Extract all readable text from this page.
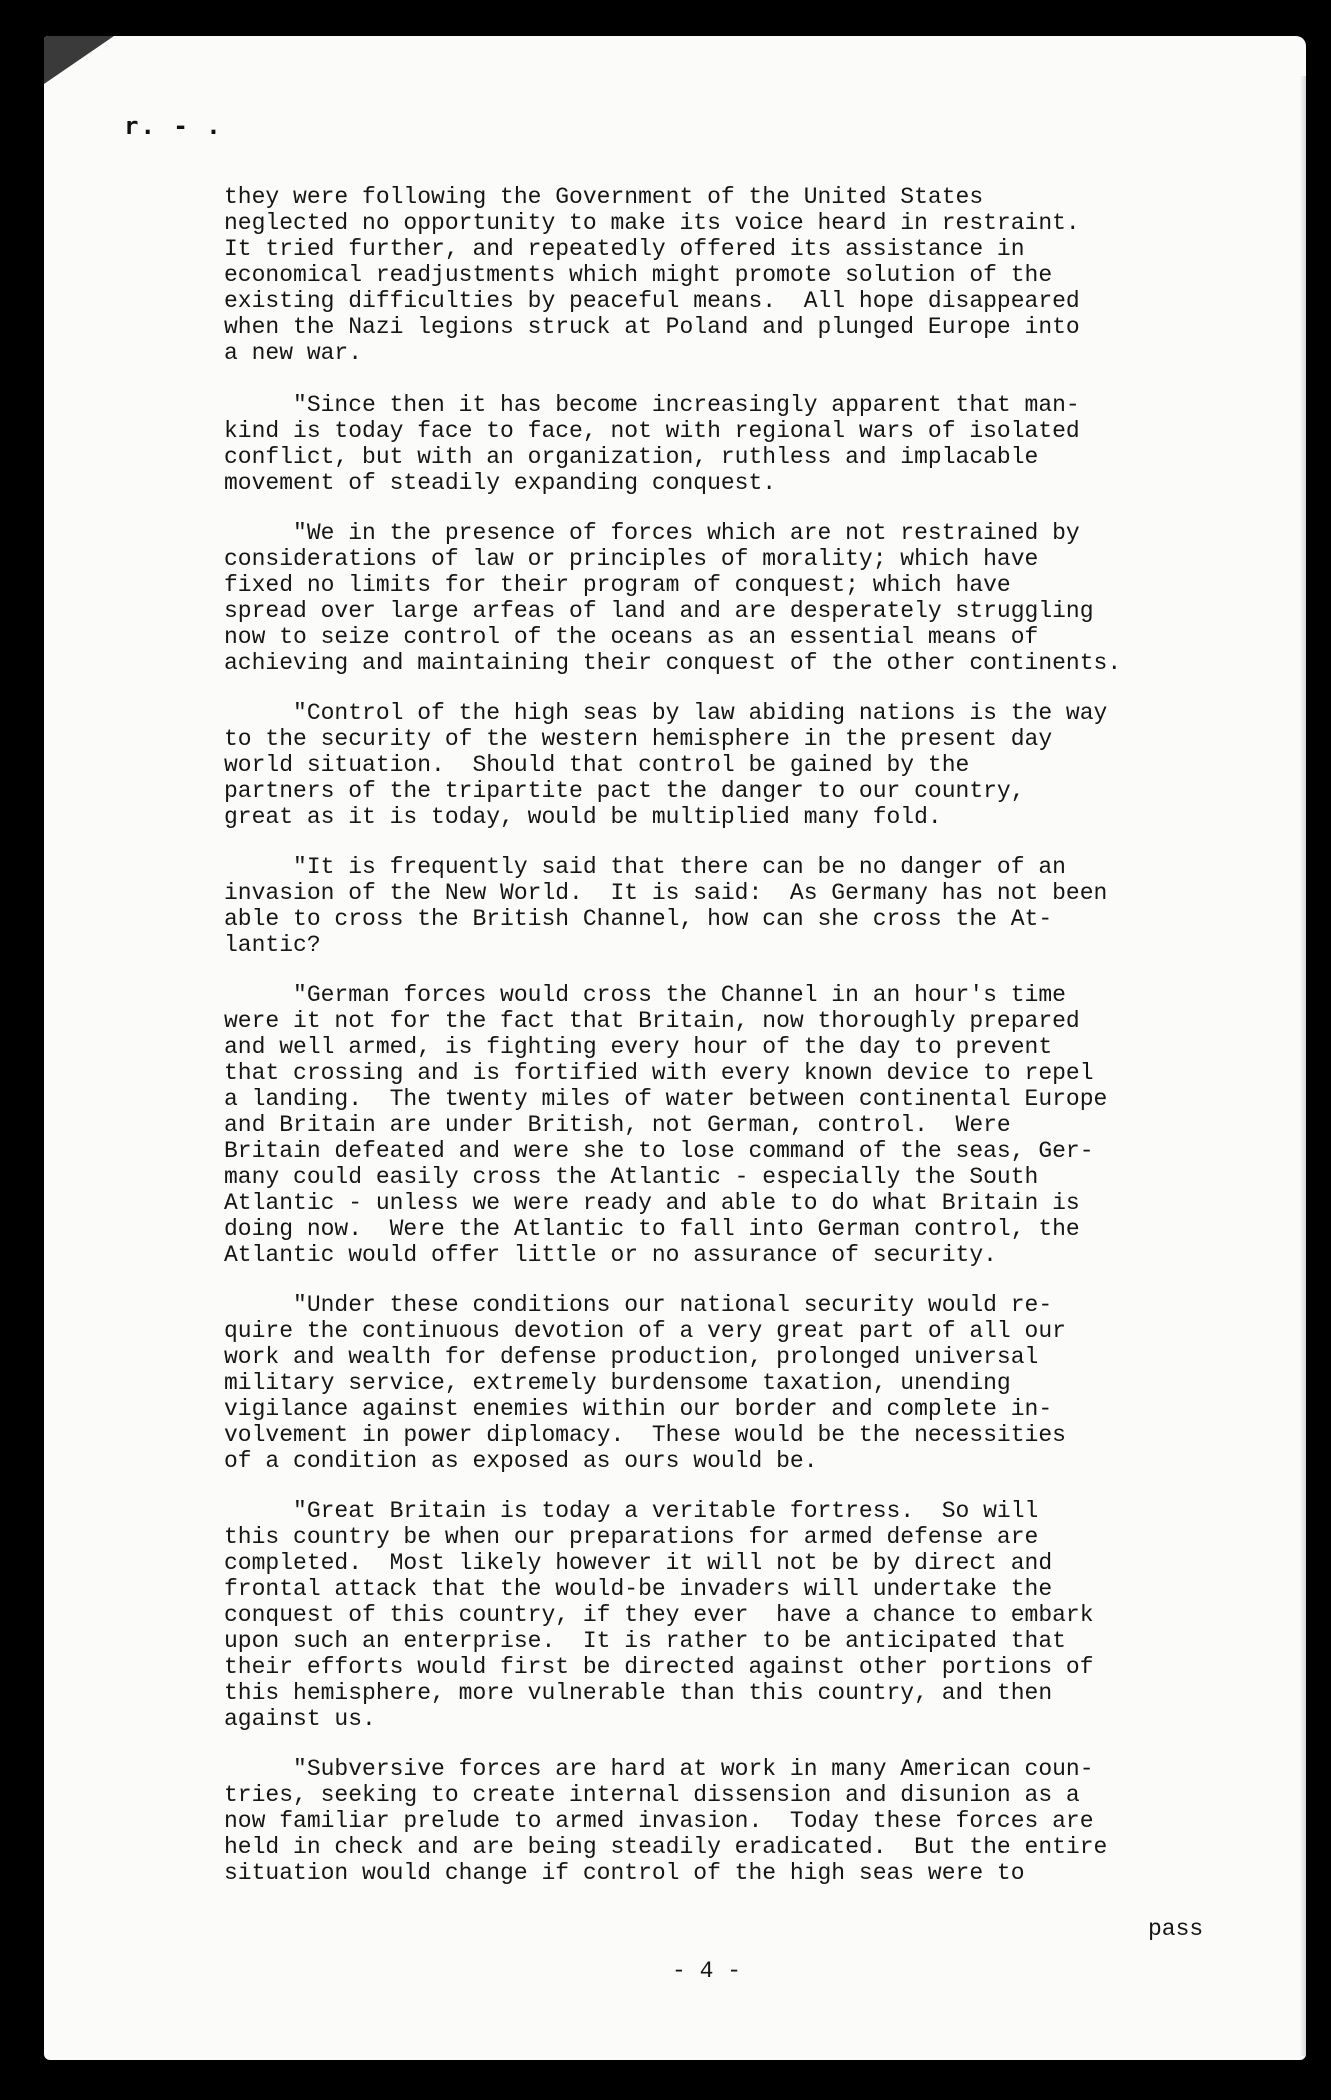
r. - .

they were following the Government of the United States
neglected no opportunity to make its voice heard in restraint.
It tried further, and repeatedly offered its assistance in
economical readjustments which might promote solution of the
existing difficulties by peaceful means.  All hope disappeared
when the Nazi legions struck at Poland and plunged Europe into
a new war.

"Since then it has become increasingly apparent that man-
kind is today face to face, not with regional wars of isolated
conflict, but with an organization, ruthless and implacable
movement of steadily expanding conquest.

"We in the presence of forces which are not restrained by
considerations of law or principles of morality; which have
fixed no limits for their program of conquest; which have
spread over large arfeas of land and are desperately struggling
now to seize control of the oceans as an essential means of
achieving and maintaining their conquest of the other continents.

"Control of the high seas by law abiding nations is the way
to the security of the western hemisphere in the present day
world situation.  Should that control be gained by the
partners of the tripartite pact the danger to our country,
great as it is today, would be multiplied many fold.

"It is frequently said that there can be no danger of an
invasion of the New World.  It is said:  As Germany has not been
able to cross the British Channel, how can she cross the At-
lantic?

"German forces would cross the Channel in an hour's time
were it not for the fact that Britain, now thoroughly prepared
and well armed, is fighting every hour of the day to prevent
that crossing and is fortified with every known device to repel
a landing.  The twenty miles of water between continental Europe
and Britain are under British, not German, control.  Were
Britain defeated and were she to lose command of the seas, Ger-
many could easily cross the Atlantic - especially the South
Atlantic - unless we were ready and able to do what Britain is
doing now.  Were the Atlantic to fall into German control, the
Atlantic would offer little or no assurance of security.

"Under these conditions our national security would re-
quire the continuous devotion of a very great part of all our
work and wealth for defense production, prolonged universal
military service, extremely burdensome taxation, unending
vigilance against enemies within our border and complete in-
volvement in power diplomacy.  These would be the necessities
of a condition as exposed as ours would be.

"Great Britain is today a veritable fortress.  So will
this country be when our preparations for armed defense are
completed.  Most likely however it will not be by direct and
frontal attack that the would-be invaders will undertake the
conquest of this country, if they ever  have a chance to embark
upon such an enterprise.  It is rather to be anticipated that
their efforts would first be directed against other portions of
this hemisphere, more vulnerable than this country, and then
against us.

"Subversive forces are hard at work in many American coun-
tries, seeking to create internal dissension and disunion as a
now familiar prelude to armed invasion.  Today these forces are
held in check and are being steadily eradicated.  But the entire
situation would change if control of the high seas were to

pass
- 4 -
